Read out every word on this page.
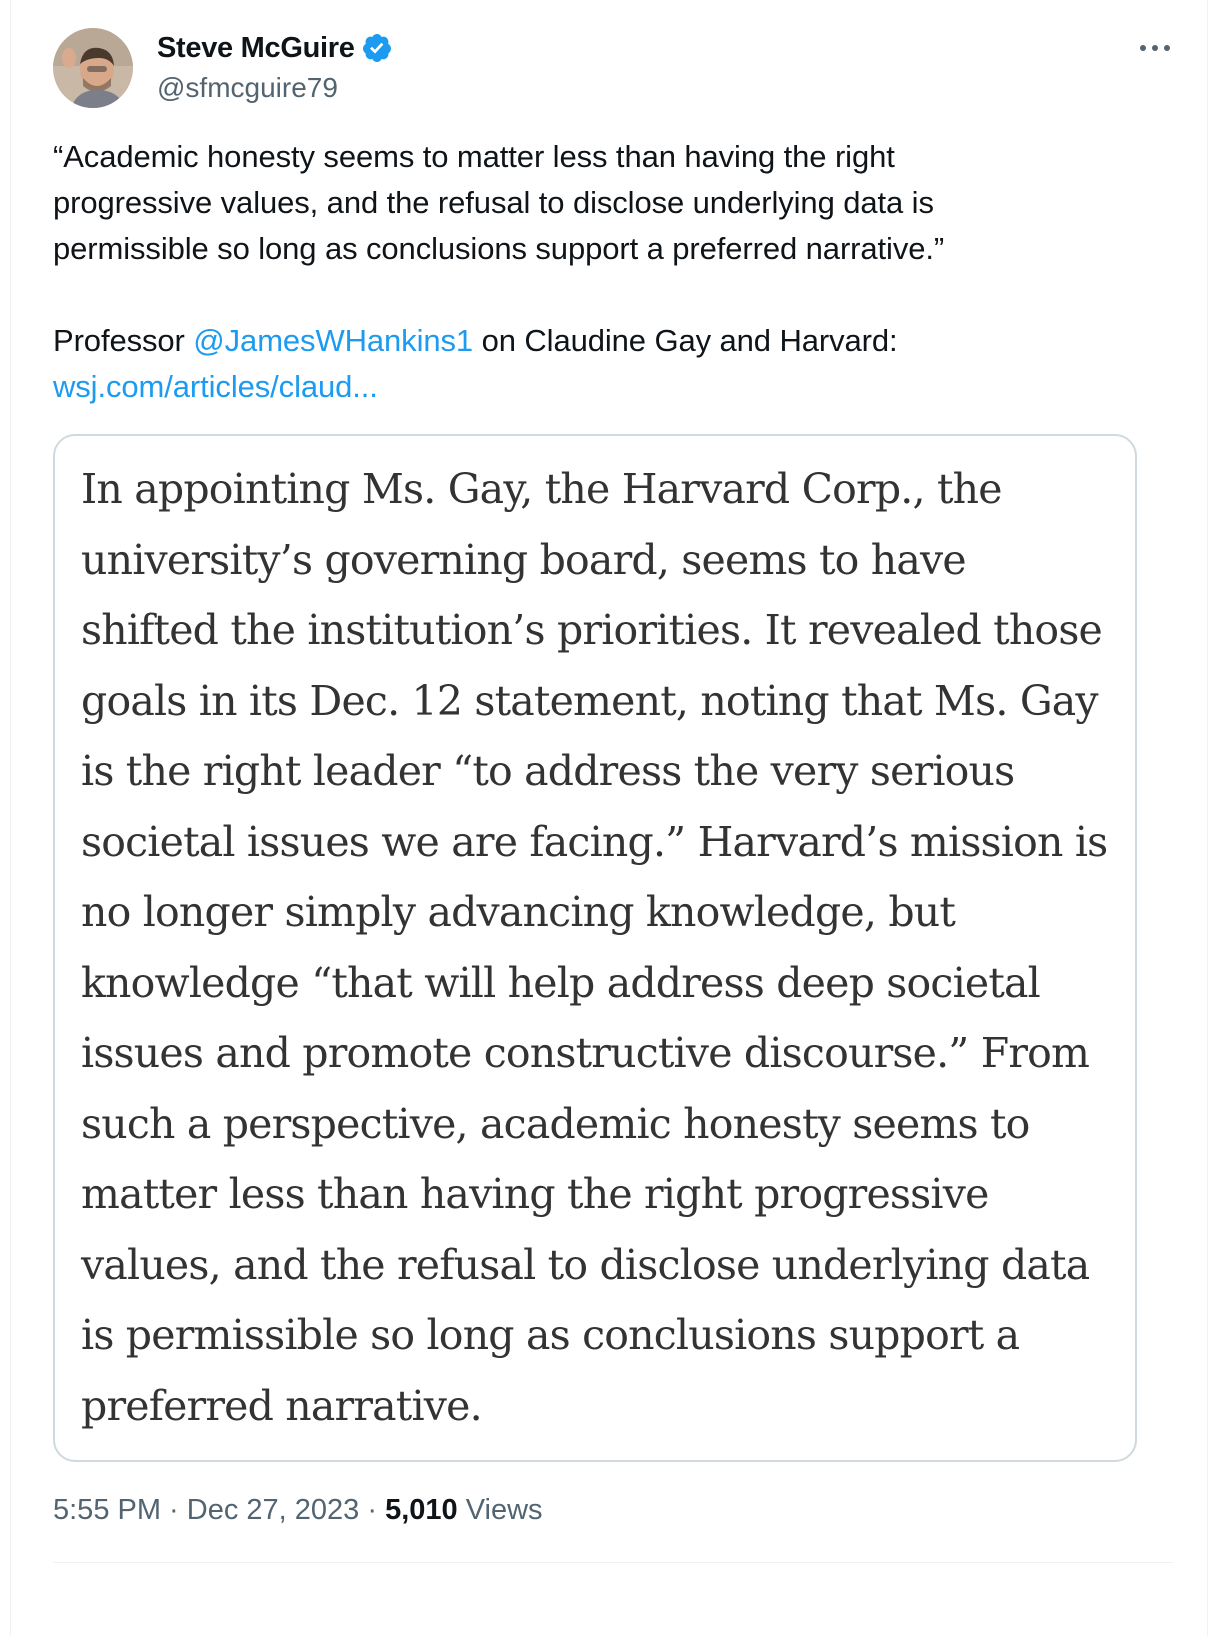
Steve McGuire
@sfmcguire79

“Academic honesty seems to matter less than having the right

progressive values, and the refusal to disclose underlying data is

permissible so long as conclusions support a preferred narrative.”

Professor @JamesWHankins1 on Claudine Gay and Harvard:

wsj.com/articles/claud...

In appointing Ms. Gay, the Harvard Corp., the

university’s governing board, seems to have

shifted the institution’s priorities. It revealed those

goals in its Dec. 12 statement, noting that Ms. Gay

is the right leader “to address the very serious

societal issues we are facing.” Harvard’s mission is

no longer simply advancing knowledge, but

knowledge “that will help address deep societal

issues and promote constructive discourse.” From

such a perspective, academic honesty seems to

matter less than having the right progressive

values, and the refusal to disclose underlying data

is permissible so long as conclusions support a

preferred narrative.

5:55 PM · Dec 27, 2023 · 5,010 Views
